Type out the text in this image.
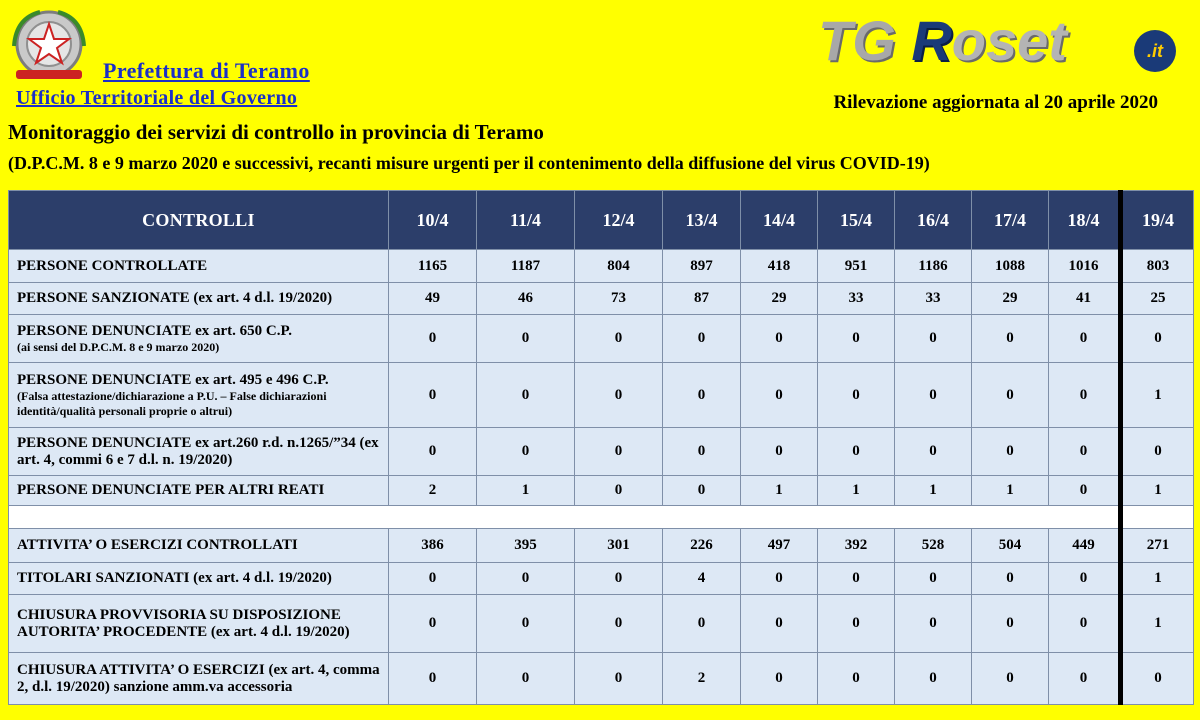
Prefettura di Teramo
Ufficio Territoriale del Governo
TG Roset	.it
Rilevazione aggiornata al 20 aprile 2020
Monitoraggio dei servizi di controllo in provincia di Teramo
(D.P.C.M. 8 e 9 marzo 2020 e successivi, recanti misure urgenti per il contenimento della diffusione del virus COVID-19)
CONTROLLI	10/4	11/4	12/4	13/4	14/4	15/4	16/4	17/4	18/4	19/4

PERSONE CONTROLLATE	1165	1187	804	897	418	951	1186	1088	1016	803

PERSONE SANZIONATE (ex art. 4 d.l. 19/2020)	49	46	73	87	29	33	33	29	41	25

PERSONE DENUNCIATE ex art. 650 C.P.
(ai sensi del D.P.C.M. 8 e 9 marzo 2020)	0	0	0	0	0	0	0	0	0	0

PERSONE DENUNCIATE ex art. 495 e 496 C.P.
(Falsa attestazione/dichiarazione a P.U. – False dichiarazioni identità/qualità personali proprie o altrui)	0	0	0	0	0	0	0	0	0	1

PERSONE DENUNCIATE ex art.260 r.d. n.1265/”34 (ex art. 4, commi 6 e 7 d.l. n. 19/2020)	0	0	0	0	0	0	0	0	0	0

PERSONE DENUNCIATE PER ALTRI REATI	2	1	0	0	1	1	1	1	0	1

ATTIVITA’ O ESERCIZI CONTROLLATI	386	395	301	226	497	392	528	504	449	271

TITOLARI SANZIONATI (ex art. 4 d.l. 19/2020)	0	0	0	4	0	0	0	0	0	1

CHIUSURA PROVVISORIA SU DISPOSIZIONE AUTORITA’ PROCEDENTE (ex art. 4 d.l. 19/2020)	0	0	0	0	0	0	0	0	0	1

CHIUSURA ATTIVITA’ O ESERCIZI (ex art. 4, comma 2, d.l. 19/2020) sanzione amm.va accessoria	0	0	0	2	0	0	0	0	0	0
